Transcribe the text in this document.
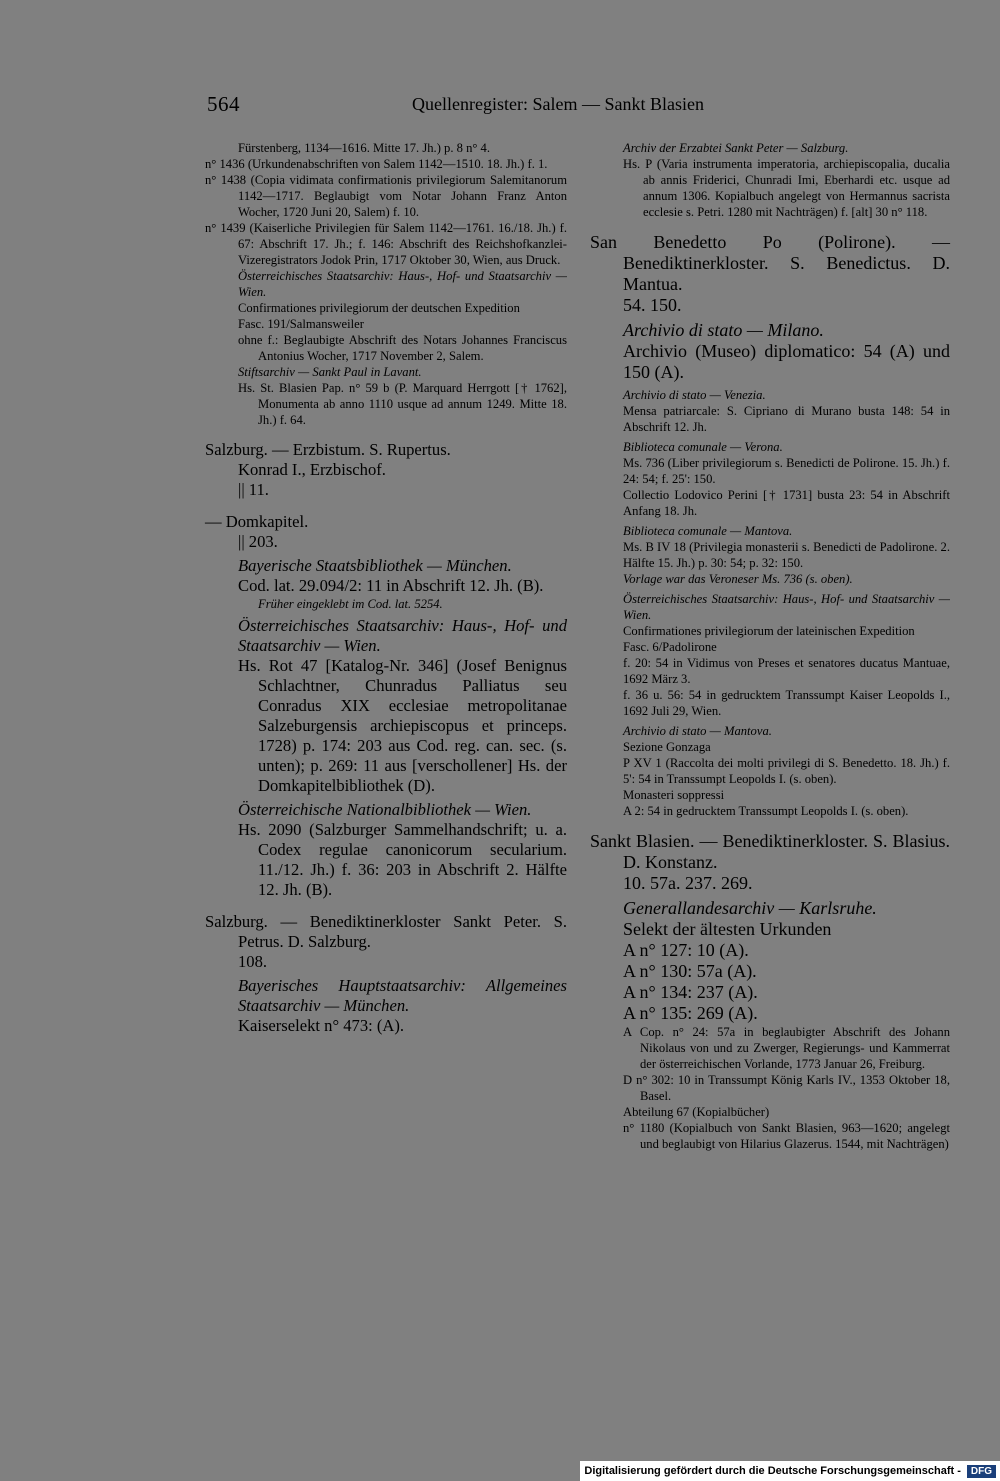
564	Quellenregister: Salem — Sankt Blasien

Fürstenberg, 1134—1616. Mitte 17. Jh.) p. 8 n° 4.

n° 1436 (Urkundenabschriften von Salem 1142—1510. 18. Jh.) f. 1.

n° 1438 (Copia vidimata confirmationis privilegiorum Salemitanorum 1142—1717. Beglaubigt vom Notar Johann Franz Anton Wocher, 1720 Juni 20, Salem) f. 10.

n° 1439 (Kaiserliche Privilegien für Salem 1142—1761. 16./18. Jh.) f. 67: Abschrift 17. Jh.; f. 146: Abschrift des Reichshofkanzlei-Vizeregistrators Jodok Prin, 1717 Oktober 30, Wien, aus Druck.

Österreichisches Staatsarchiv: Haus-, Hof- und Staatsarchiv — Wien.

Confirmationes privilegiorum der deutschen Expedition

Fasc. 191/Salmansweiler

ohne f.: Beglaubigte Abschrift des Notars Johannes Franciscus Antonius Wocher, 1717 November 2, Salem.

Stiftsarchiv — Sankt Paul in Lavant.

Hs. St. Blasien Pap. n° 59 b (P. Marquard Herrgott [† 1762], Monumenta ab anno 1110 usque ad annum 1249. Mitte 18. Jh.) f. 64.

Salzburg. — Erzbistum. S. Rupertus.

Konrad I., Erzbischof.

|| 11.

— Domkapitel.

|| 203.

Bayerische Staatsbibliothek — München.

Cod. lat. 29.094/2: 11 in Abschrift 12. Jh. (B).

Früher eingeklebt im Cod. lat. 5254.

Österreichisches Staatsarchiv: Haus-, Hof- und Staatsarchiv — Wien.

Hs. Rot 47 [Katalog-Nr. 346] (Josef Benignus Schlachtner, Chunradus Palliatus seu Conradus XIX ecclesiae metropolitanae Salzeburgensis archiepiscopus et princeps. 1728) p. 174: 203 aus Cod. reg. can. sec. (s. unten); p. 269: 11 aus [verschollener] Hs. der Domkapitelbibliothek (D).

Österreichische Nationalbibliothek — Wien.

Hs. 2090 (Salzburger Sammelhandschrift; u. a. Codex regulae canonicorum secularium. 11./12. Jh.) f. 36: 203 in Abschrift 2. Hälfte 12. Jh. (B).

Salzburg. — Benediktinerkloster Sankt Peter. S. Petrus. D. Salzburg.

108.

Bayerisches Hauptstaatsarchiv: Allgemeines Staatsarchiv — München.

Kaiserselekt n° 473: (A).

Archiv der Erzabtei Sankt Peter — Salzburg.

Hs. P (Varia instrumenta imperatoria, archiepiscopalia, ducalia ab annis Friderici, Chunradi Imi, Eberhardi etc. usque ad annum 1306. Kopialbuch angelegt von Hermannus sacrista ecclesie s. Petri. 1280 mit Nachträgen) f. [alt] 30 n° 118.

San Benedetto Po (Polirone). — Benediktinerkloster. S. Benedictus. D. Mantua.

54. 150.

Archivio di stato — Milano.

Archivio (Museo) diplomatico: 54 (A) und 150 (A).

Archivio di stato — Venezia.

Mensa patriarcale: S. Cipriano di Murano busta 148: 54 in Abschrift 12. Jh.

Biblioteca comunale — Verona.

Ms. 736 (Liber privilegiorum s. Benedicti de Polirone. 15. Jh.) f. 24: 54; f. 25': 150.

Collectio Lodovico Perini [† 1731] busta 23: 54 in Abschrift Anfang 18. Jh.

Biblioteca comunale — Mantova.

Ms. B IV 18 (Privilegia monasterii s. Benedicti de Padolirone. 2. Hälfte 15. Jh.) p. 30: 54; p. 32: 150.

Vorlage war das Veroneser Ms. 736 (s. oben).

Österreichisches Staatsarchiv: Haus-, Hof- und Staatsarchiv — Wien.

Confirmationes privilegiorum der lateinischen Expedition

Fasc. 6/Padolirone

f. 20: 54 in Vidimus von Preses et senatores ducatus Mantuae, 1692 März 3.

f. 36 u. 56: 54 in gedrucktem Transsumpt Kaiser Leopolds I., 1692 Juli 29, Wien.

Archivio di stato — Mantova.

Sezione Gonzaga

P XV 1 (Raccolta dei molti privilegi di S. Benedetto. 18. Jh.) f. 5': 54 in Transsumpt Leopolds I. (s. oben).

Monasteri soppressi

A 2: 54 in gedrucktem Transsumpt Leopolds I. (s. oben).

Sankt Blasien. — Benediktinerkloster. S. Blasius. D. Konstanz.

10. 57a. 237. 269.

Generallandesarchiv — Karlsruhe.

Selekt der ältesten Urkunden

A n° 127: 10 (A).

A n° 130: 57a (A).

A n° 134: 237 (A).

A n° 135: 269 (A).

A Cop. n° 24: 57a in beglaubigter Abschrift des Johann Nikolaus von und zu Zwerger, Regierungs- und Kammerrat der österreichischen Vorlande, 1773 Januar 26, Freiburg.

D n° 302: 10 in Transsumpt König Karls IV., 1353 Oktober 18, Basel.

Abteilung 67 (Kopialbücher)

n° 1180 (Kopialbuch von Sankt Blasien, 963—1620; angelegt und beglaubigt von Hilarius Glazerus. 1544, mit Nachträgen)

Digitalisierung gefördert durch die Deutsche Forschungsgemeinschaft -	DFG
